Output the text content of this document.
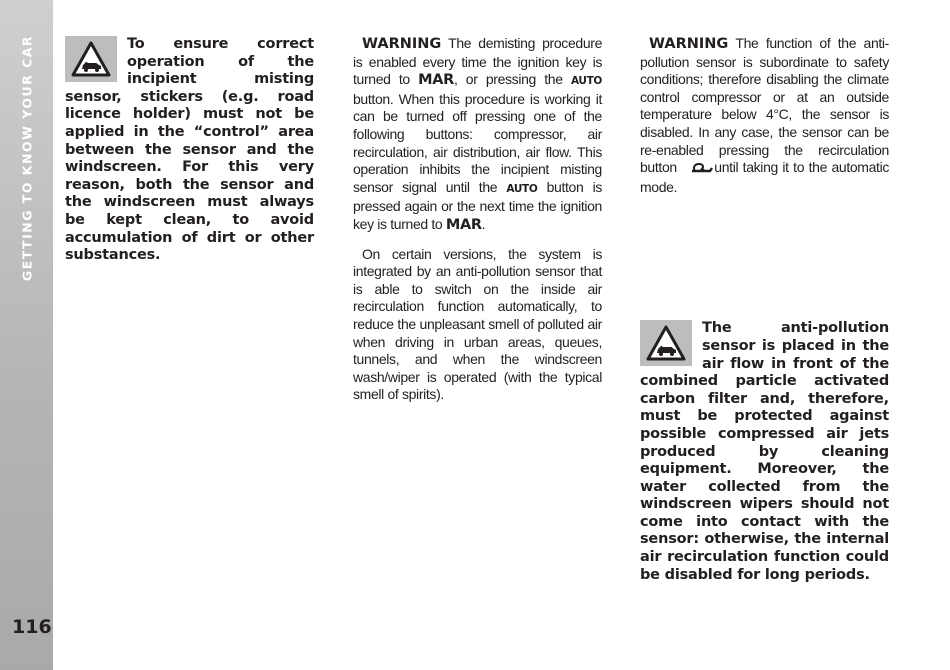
GETTING TO KNOW YOUR CAR
116
To ensure correct operation of the incipient misting sensor, stickers (e.g. road licence holder) must not be applied in the “control” area between the sensor and the windscreen. For this very reason, both the sensor and the windscreen must always be kept clean, to avoid accumulation of dirt or other substances.

WARNING The demisting procedure is enabled every time the ignition key is turned to MAR, or pressing the AUTO button. When this procedure is working it can be turned off pressing one of the following buttons: compressor, air recirculation, air distribution, air flow. This operation inhibits the incipient misting sensor signal until the AUTO button is pressed again or the next time the ignition key is turned to MAR.

On certain versions, the system is integrated by an anti-pollution sensor that is able to switch on the inside air recirculation function automatically, to reduce the unpleasant smell of polluted air when driving in urban areas, queues, tunnels, and when the windscreen wash/wiper is operated (with the typical smell of spirits).

WARNING The function of the anti-pollution sensor is subordinate to safety conditions; therefore disabling the climate control compressor or at an outside temperature below 4°C, the sensor is disabled. In any case, the sensor can be re-enabled pressing the recirculation button	until taking it to the automatic mode.

The anti-pollution sensor is placed in the air flow in front of the combined particle activated carbon filter and, therefore, must be protected against possible compressed air jets produced by cleaning equipment. Moreover, the water collected from the windscreen wipers should not come into contact with the sensor: otherwise, the internal air recirculation function could be disabled for long periods.
